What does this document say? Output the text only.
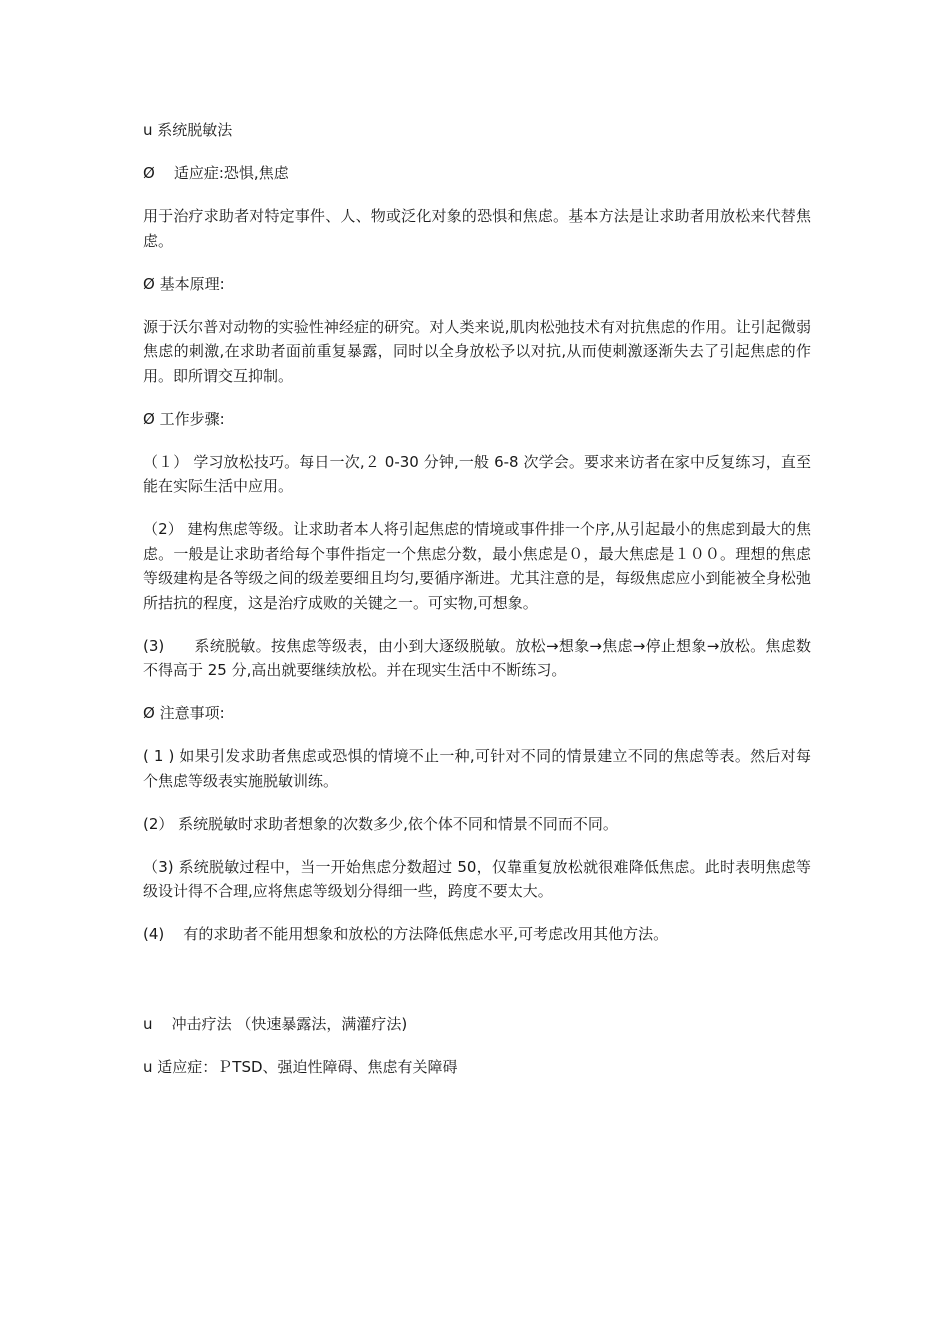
u 系统脱敏法

Ø    适应症:恐惧,焦虑

用于治疗求助者对特定事件、人、物或泛化对象的恐惧和焦虑。基本方法是让求助者用放松来代替焦虑。

Ø 基本原理:

源于沃尔普对动物的实验性神经症的研究。对人类来说,肌肉松弛技术有对抗焦虑的作用。让引起微弱焦虑的刺激,在求助者面前重复暴露，同时以全身放松予以对抗,从而使刺激逐渐失去了引起焦虑的作用。即所谓交互抑制。

Ø 工作步骤:

（１） 学习放松技巧。每日一次,２ 0-30 分钟,一般 6-8 次学会。要求来访者在家中反复练习，直至能在实际生活中应用。

（2） 建构焦虑等级。让求助者本人将引起焦虑的情境或事件排一个序,从引起最小的焦虑到最大的焦虑。一般是让求助者给每个事件指定一个焦虑分数，最小焦虑是０，最大焦虑是１００。理想的焦虑等级建构是各等级之间的级差要细且均匀,要循序渐进。尤其注意的是，每级焦虑应小到能被全身松弛所拮抗的程度，这是治疗成败的关键之一。可实物,可想象。

(3)      系统脱敏。按焦虑等级表，由小到大逐级脱敏。放松→想象→焦虑→停止想象→放松。焦虑数不得高于 25 分,高出就要继续放松。并在现实生活中不断练习。

Ø 注意事项:

( 1 ) 如果引发求助者焦虑或恐惧的情境不止一种,可针对不同的情景建立不同的焦虑等表。然后对每个焦虑等级表实施脱敏训练。

(2） 系统脱敏时求助者想象的次数多少,依个体不同和情景不同而不同。

（3) 系统脱敏过程中，当一开始焦虑分数超过 50，仅靠重复放松就很难降低焦虑。此时表明焦虑等级设计得不合理,应将焦虑等级划分得细一些，跨度不要太大。

(4)    有的求助者不能用想象和放松的方法降低焦虑水平,可考虑改用其他方法。

u    冲击疗法 （快速暴露法，满灌疗法)

u 适应症：ＰTSD、强迫性障碍、焦虑有关障碍
